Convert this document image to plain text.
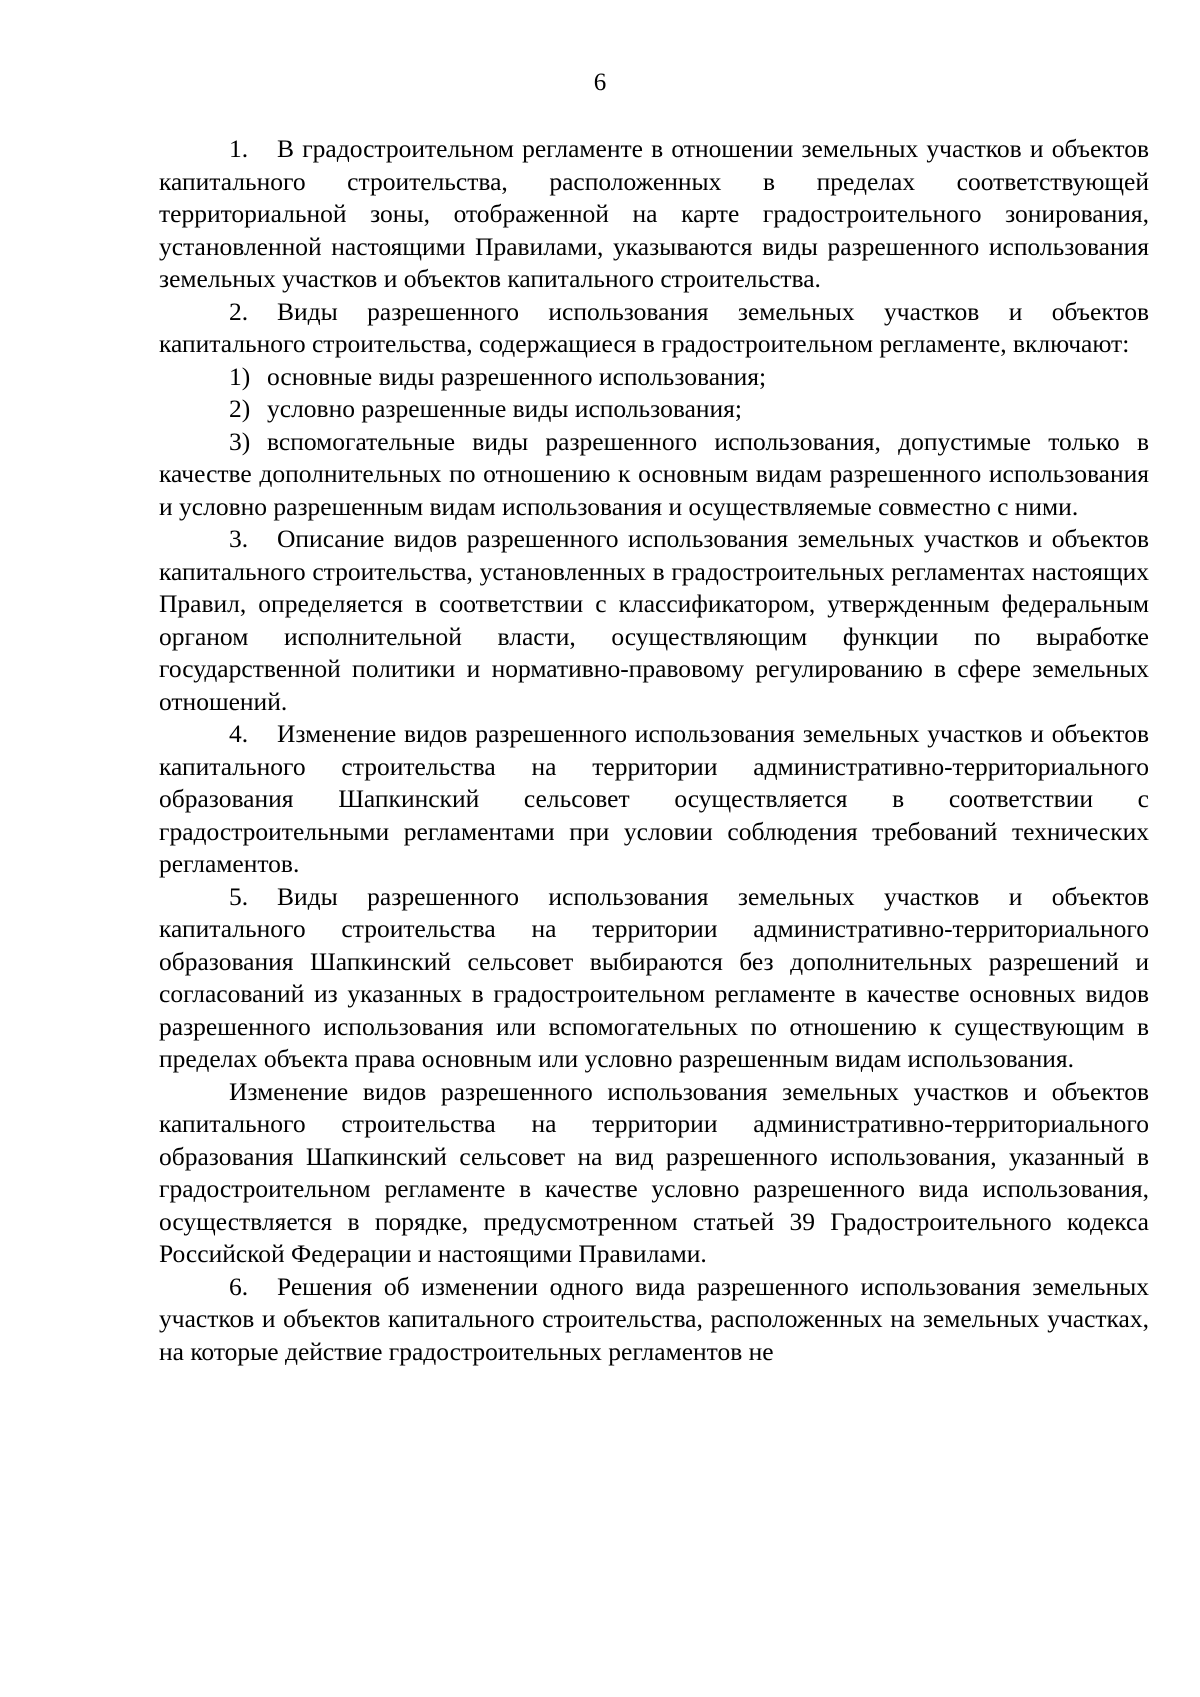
6

1. В градостроительном регламенте в отношении земельных участков и объектов капитального строительства, расположенных в пределах соответствующей территориальной зоны, отображенной на карте градостроительного зонирования, установленной настоящими Правилами, указываются виды разрешенного использования земельных участков и объектов капитального строительства.

2. Виды разрешенного использования земельных участков и объектов капитального строительства, содержащиеся в градостроительном регламенте, включают:

1) основные виды разрешенного использования;

2) условно разрешенные виды использования;

3) вспомогательные виды разрешенного использования, допустимые только в качестве дополнительных по отношению к основным видам разрешенного использования и условно разрешенным видам использования и осуществляемые совместно с ними.

3. Описание видов разрешенного использования земельных участков и объектов капитального строительства, установленных в градостроительных регламентах настоящих Правил, определяется в соответствии с классификатором, утвержденным федеральным органом исполнительной власти, осуществляющим функции по выработке государственной политики и нормативно-правовому регулированию в сфере земельных отношений.

4. Изменение видов разрешенного использования земельных участков и объектов капитального строительства на территории административно-территориального образования Шапкинский сельсовет осуществляется в соответствии с градостроительными регламентами при условии соблюдения требований технических регламентов.

5. Виды разрешенного использования земельных участков и объектов капитального строительства на территории административно-территориального образования Шапкинский сельсовет выбираются без дополнительных разрешений и согласований из указанных в градостроительном регламенте в качестве основных видов разрешенного использования или вспомогательных по отношению к существующим в пределах объекта права основным или условно разрешенным видам использования.

Изменение видов разрешенного использования земельных участков и объектов капитального строительства на территории административно-территориального образования Шапкинский сельсовет на вид разрешенного использования, указанный в градостроительном регламенте в качестве условно разрешенного вида использования, осуществляется в порядке, предусмотренном статьей 39 Градостроительного кодекса Российской Федерации и настоящими Правилами.

6. Решения об изменении одного вида разрешенного использования земельных участков и объектов капитального строительства, расположенных на земельных участках, на которые действие градостроительных регламентов не
